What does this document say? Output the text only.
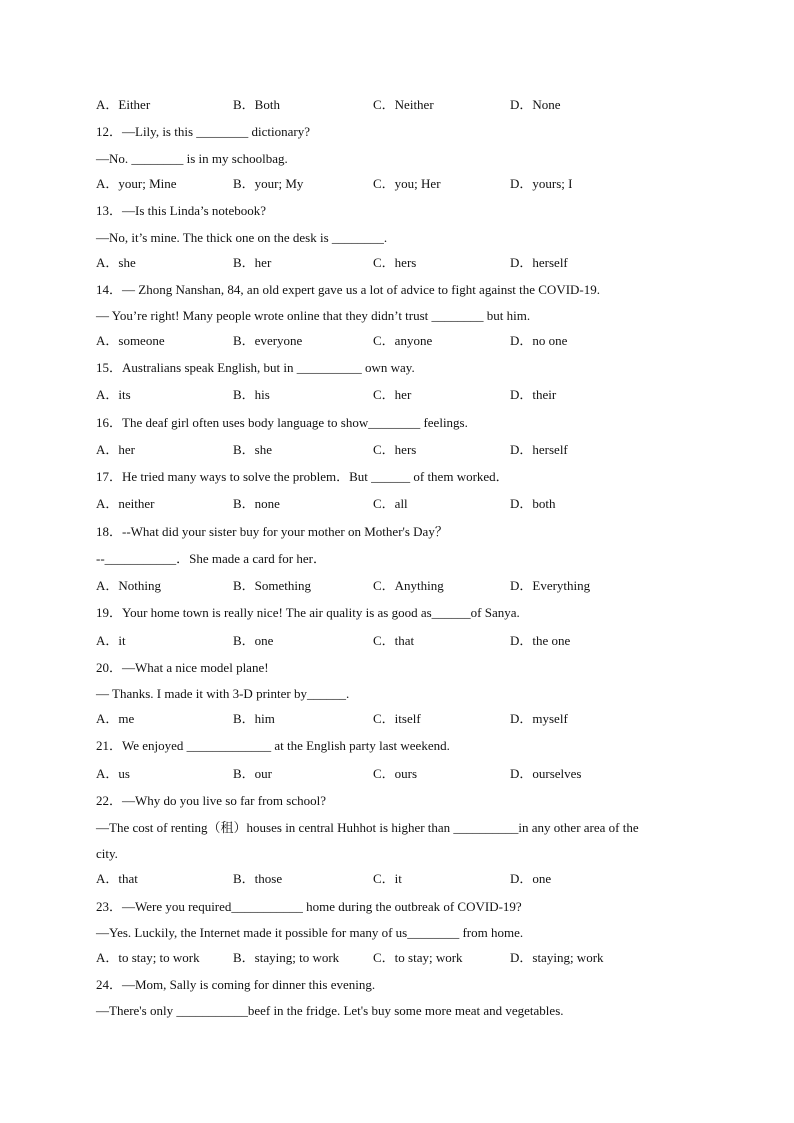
A．Either	B．Both	C．Neither	D．None
12．—Lily, is this ________ dictionary?
—No. ________ is in my schoolbag.
A．your; Mine	B．your; My	C．you; Her	D．yours; I
13．—Is this Linda’s notebook?
—No, it’s mine. The thick one on the desk is ________.
A．she	B．her	C．hers	D．herself
14．— Zhong Nanshan, 84, an old expert gave us a lot of advice to fight against the COVID-19.
— You’re right! Many people wrote online that they didn’t trust ________ but him.
A．someone	B．everyone	C．anyone	D．no one
15．Australians speak English, but in __________ own way.
A．its	B．his	C．her	D．their
16．The deaf girl often uses body language to show________ feelings.
A．her	B．she	C．hers	D．herself
17．He tried many ways to solve the problem．But ______ of them worked．
A．neither	B．none	C．all	D．both
18．--What did your sister buy for your mother on Mother's Day？
--___________．She made a card for her．
A．Nothing	B．Something	C．Anything	D．Everything
19．Your home town is really nice! The air quality is as good as______of Sanya.
A．it	B．one	C．that	D．the one
20．—What a nice model plane!
— Thanks. I made it with 3-D printer by______.
A．me	B．him	C．itself	D．myself
21．We enjoyed _____________ at the English party last weekend.
A．us	B．our	C．ours	D．ourselves
22．—Why do you live so far from school?
—The cost of renting（租）houses in central Huhhot is higher than __________in any other area of the
city.
A．that	B．those	C．it	D．one
23．—Were you required___________ home during the outbreak of COVID-19?
—Yes. Luckily, the Internet made it possible for many of us________ from home.
A．to stay; to work	B．staying; to work	C．to stay; work	D．staying; work
24．—Mom, Sally is coming for dinner this evening.
—There's only ___________beef in the fridge. Let's buy some more meat and vegetables.
